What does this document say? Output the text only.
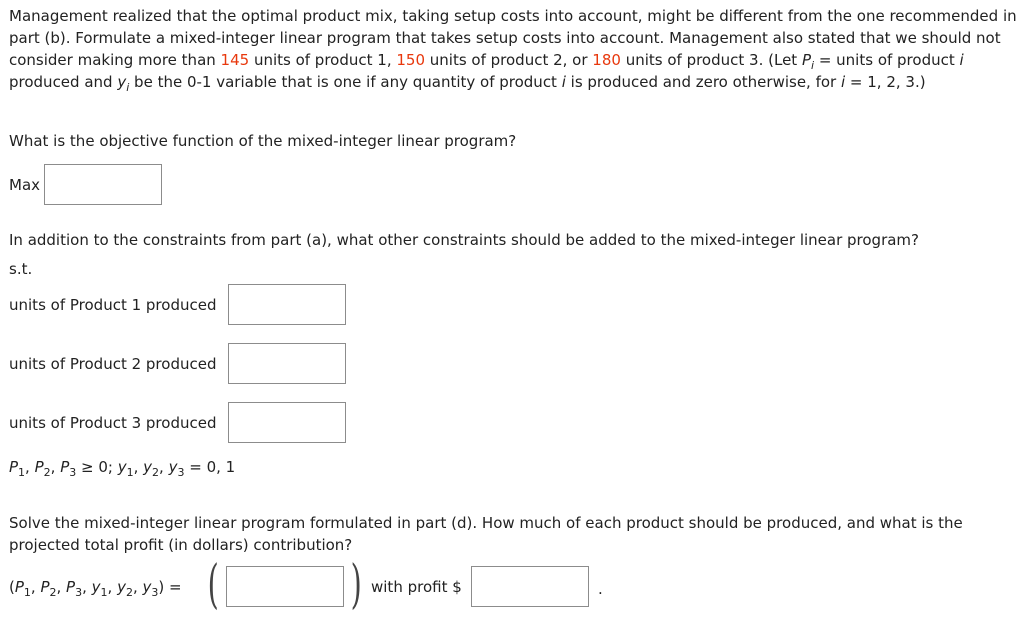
Management realized that the optimal product mix, taking setup costs into account, might be different from the one recommended in part (b). Formulate a mixed-integer linear program that takes setup costs into account. Management also stated that we should not consider making more than 145 units of product 1, 150 units of product 2, or 180 units of product 3. (Let $P_i$ = units of product i produced and $y_i$ be the 0-1 variable that is one if any quantity of product i is produced and zero otherwise, for i = 1, 2, 3.)

What is the objective function of the mixed-integer linear program?
Max
In addition to the constraints from part (a), what other constraints should be added to the mixed-integer linear program?
s.t.
units of Product 1 produced
units of Product 2 produced
units of Product 3 produced
$P_1$, $P_2$, $P_3 \ge 0$; $y_1$, $y_2$, $y_3 = 0$, 1

Solve the mixed-integer linear program formulated in part (d). How much of each product should be produced, and what is the projected total profit (in dollars) contribution?

($P_1$, $P_2$, $P_3$, $y_1$, $y_2$, $y_3$) = (	) with profit $	.
